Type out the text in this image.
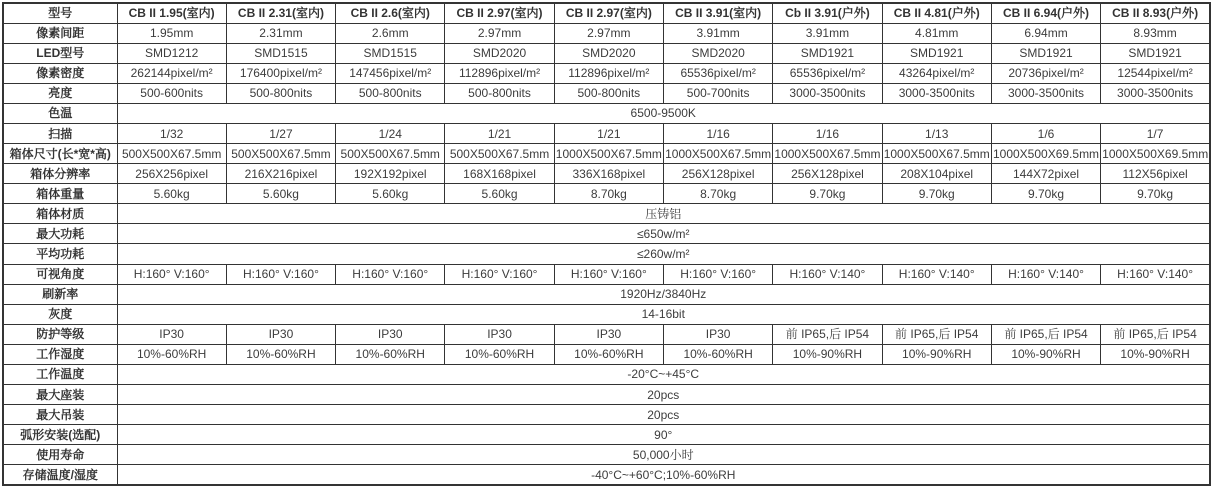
型号	CB II 1.95(室内)	CB II 2.31(室内)	CB II 2.6(室内)	CB II 2.97(室内)	CB II 2.97(室内)	CB II 3.91(室内)	Cb II 3.91(户外)	CB II 4.81(户外)	CB II 6.94(户外)	CB II 8.93(户外)
像素间距	1.95mm	2.31mm	2.6mm	2.97mm	2.97mm	3.91mm	3.91mm	4.81mm	6.94mm	8.93mm
LED型号	SMD1212	SMD1515	SMD1515	SMD2020	SMD2020	SMD2020	SMD1921	SMD1921	SMD1921	SMD1921
像素密度	262144pixel/m²	176400pixel/m²	147456pixel/m²	112896pixel/m²	112896pixel/m²	65536pixel/m²	65536pixel/m²	43264pixel/m²	20736pixel/m²	12544pixel/m²
亮度	500-600nits	500-800nits	500-800nits	500-800nits	500-800nits	500-700nits	3000-3500nits	3000-3500nits	3000-3500nits	3000-3500nits
色温	6500-9500K									
扫描	1/32	1/27	1/24	1/21	1/21	1/16	1/16	1/13	1/6	1/7
箱体尺寸(长*宽*高)	500X500X67.5mm	500X500X67.5mm	500X500X67.5mm	500X500X67.5mm	1000X500X67.5mm	1000X500X67.5mm	1000X500X67.5mm	1000X500X67.5mm	1000X500X69.5mm	1000X500X69.5mm
箱体分辨率	256X256pixel	216X216pixel	192X192pixel	168X168pixel	336X168pixel	256X128pixel	256X128pixel	208X104pixel	144X72pixel	112X56pixel
箱体重量	5.60kg	5.60kg	5.60kg	5.60kg	8.70kg	8.70kg	9.70kg	9.70kg	9.70kg	9.70kg
箱体材质	压铸铝									
最大功耗	≤650w/m²									
平均功耗	≤260w/m²									
可视角度	H:160° V:160°	H:160° V:160°	H:160° V:160°	H:160° V:160°	H:160° V:160°	H:160° V:160°	H:160° V:140°	H:160° V:140°	H:160° V:140°	H:160° V:140°
刷新率	1920Hz/3840Hz									
灰度	14-16bit									
防护等级	IP30	IP30	IP30	IP30	IP30	IP30	前 IP65,后 IP54	前 IP65,后 IP54	前 IP65,后 IP54	前 IP65,后 IP54
工作湿度	10%-60%RH	10%-60%RH	10%-60%RH	10%-60%RH	10%-60%RH	10%-60%RH	10%-90%RH	10%-90%RH	10%-90%RH	10%-90%RH
工作温度	-20°C~+45°C									
最大座装	20pcs									
最大吊装	20pcs									
弧形安装(选配)	90°									
使用寿命	50,000小时									
存储温度/湿度	-40°C~+60°C;10%-60%RH									
